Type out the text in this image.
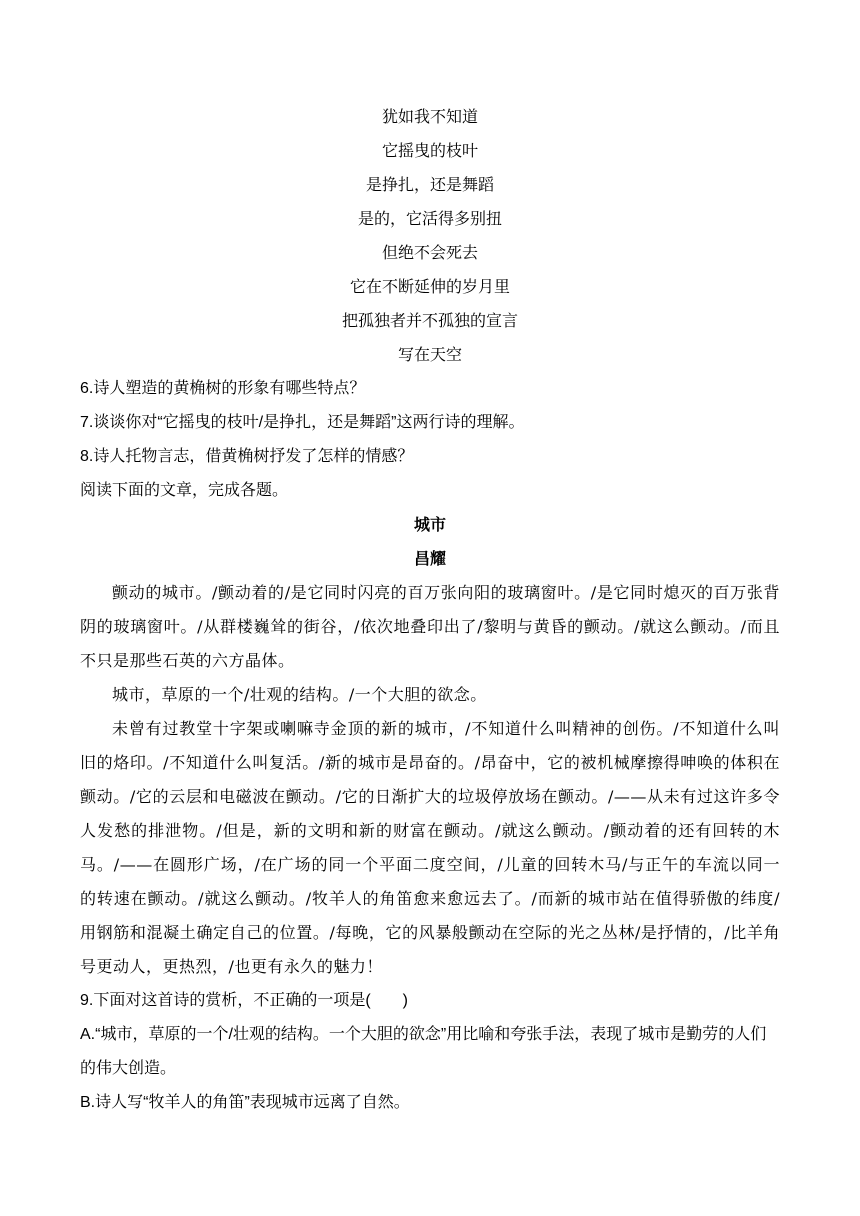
犹如我不知道
它摇曳的枝叶
是挣扎，还是舞蹈
是的，它活得多别扭
但绝不会死去
它在不断延伸的岁月里
把孤独者并不孤独的宣言
写在天空
6.诗人塑造的黄桷树的形象有哪些特点？
7.谈谈你对“它摇曳的枝叶/是挣扎，还是舞蹈”这两行诗的理解。
8.诗人托物言志，借黄桷树抒发了怎样的情感？
阅读下面的文章，完成各题。
城市
昌耀

颤动的城市。/颤动着的/是它同时闪亮的百万张向阳的玻璃窗叶。/是它同时熄灭的百万张背阴的玻璃窗叶。/从群楼巍耸的街谷，/依次地叠印出了/黎明与黄昏的颤动。/就这么颤动。/而且不只是那些石英的六方晶体。

城市，草原的一个/壮观的结构。/一个大胆的欲念。

未曾有过教堂十字架或喇嘛寺金顶的新的城市，/不知道什么叫精神的创伤。/不知道什么叫旧的烙印。/不知道什么叫复活。/新的城市是昂奋的。/昂奋中，它的被机械摩擦得呻唤的体积在颤动。/它的云层和电磁波在颤动。/它的日渐扩大的垃圾停放场在颤动。/——从未有过这许多令人发愁的排泄物。/但是，新的文明和新的财富在颤动。/就这么颤动。/颤动着的还有回转的木马。/——在圆形广场，/在广场的同一个平面二度空间，/儿童的回转木马/与正午的车流以同一的转速在颤动。/就这么颤动。/牧羊人的角笛愈来愈远去了。/而新的城市站在值得骄傲的纬度/用钢筋和混凝土确定自己的位置。/每晚，它的风暴般颤动在空际的光之丛林/是抒情的，/比羊角号更动人，更热烈，/也更有永久的魅力！

9.下面对这首诗的赏析，不正确的一项是(　　)

A.“城市，草原的一个/壮观的结构。一个大胆的欲念”用比喻和夸张手法，表现了城市是勤劳的人们的伟大创造。

B.诗人写“牧羊人的角笛”表现城市远离了自然。
